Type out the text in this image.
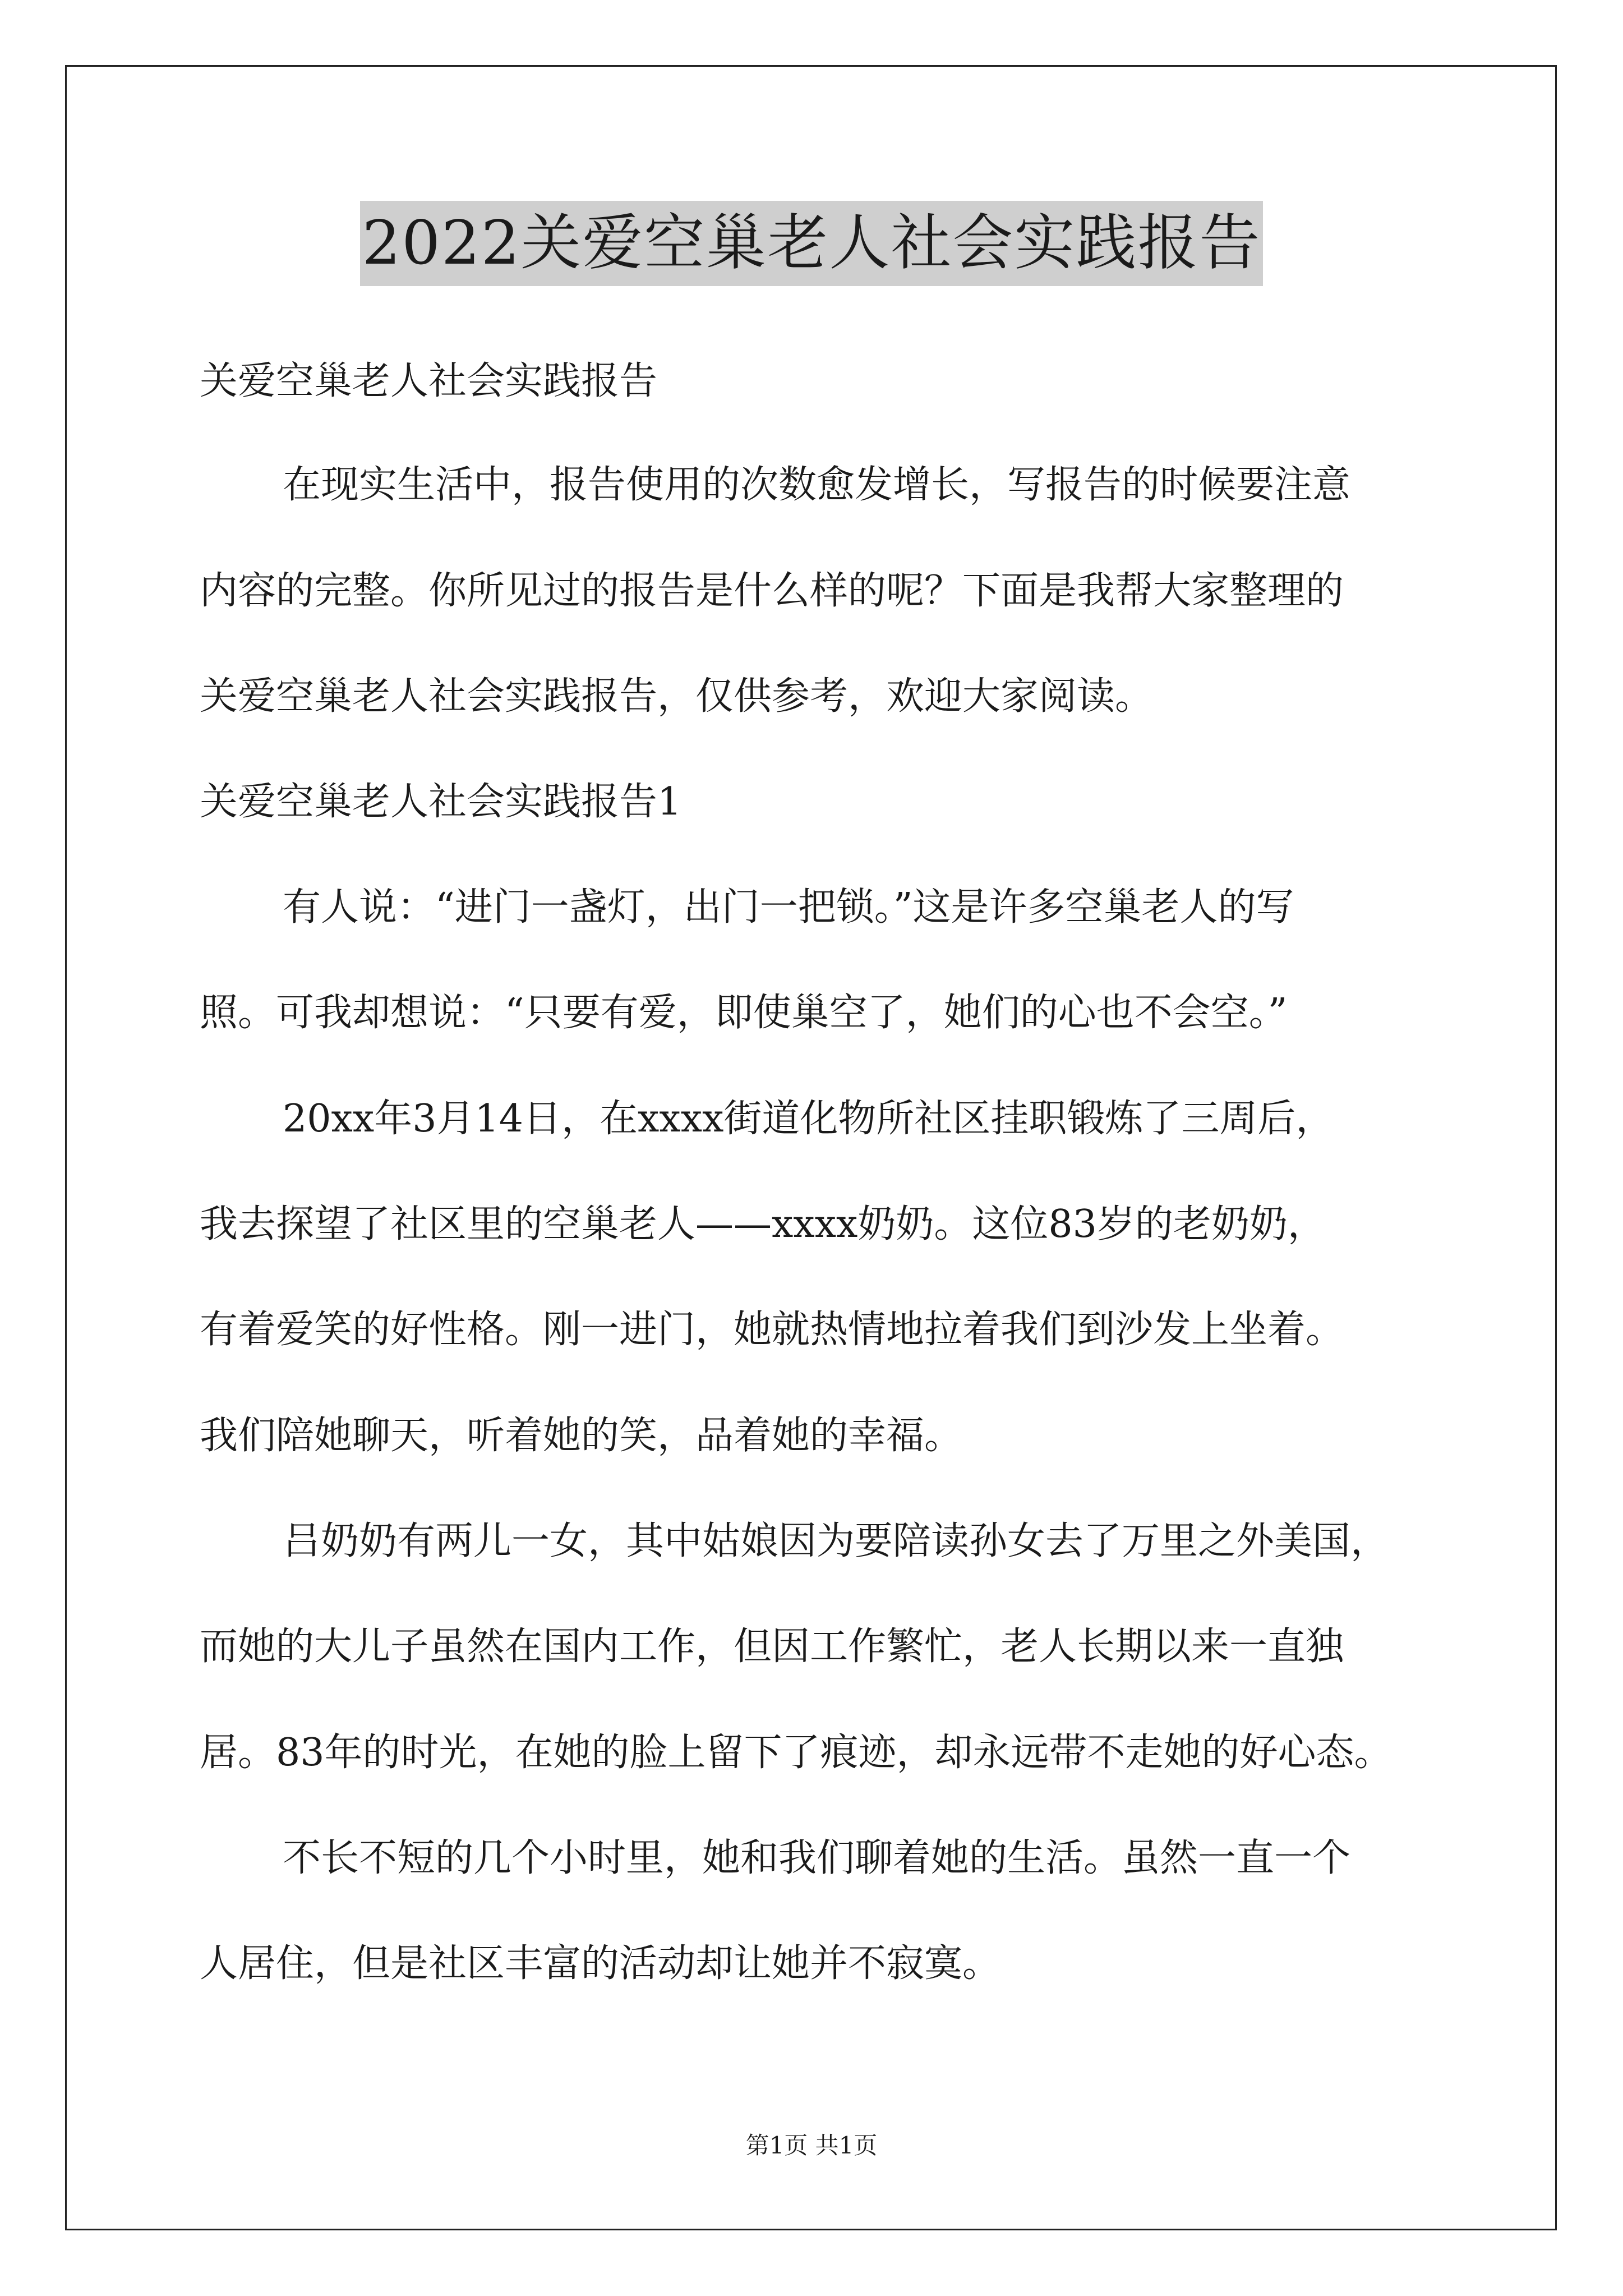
2022关爱空巢老人社会实践报告
关爱空巢老人社会实践报告
在现实生活中，报告使用的次数愈发增长，写报告的时候要注意
内容的完整。你所见过的报告是什么样的呢？下面是我帮大家整理的
关爱空巢老人社会实践报告，仅供参考，欢迎大家阅读。
关爱空巢老人社会实践报告1
有人说：“进门一盏灯，出门一把锁。”这是许多空巢老人的写
照。可我却想说：“只要有爱，即使巢空了，她们的心也不会空。”
20xx年3月14日，在xxxx街道化物所社区挂职锻炼了三周后，
我去探望了社区里的空巢老人——xxxx奶奶。这位83岁的老奶奶，
有着爱笑的好性格。刚一进门，她就热情地拉着我们到沙发上坐着。
我们陪她聊天，听着她的笑，品着她的幸福。
吕奶奶有两儿一女，其中姑娘因为要陪读孙女去了万里之外美国，
而她的大儿子虽然在国内工作，但因工作繁忙，老人长期以来一直独
居。83年的时光，在她的脸上留下了痕迹，却永远带不走她的好心态。
不长不短的几个小时里，她和我们聊着她的生活。虽然一直一个
人居住，但是社区丰富的活动却让她并不寂寞。
第1页 共1页
